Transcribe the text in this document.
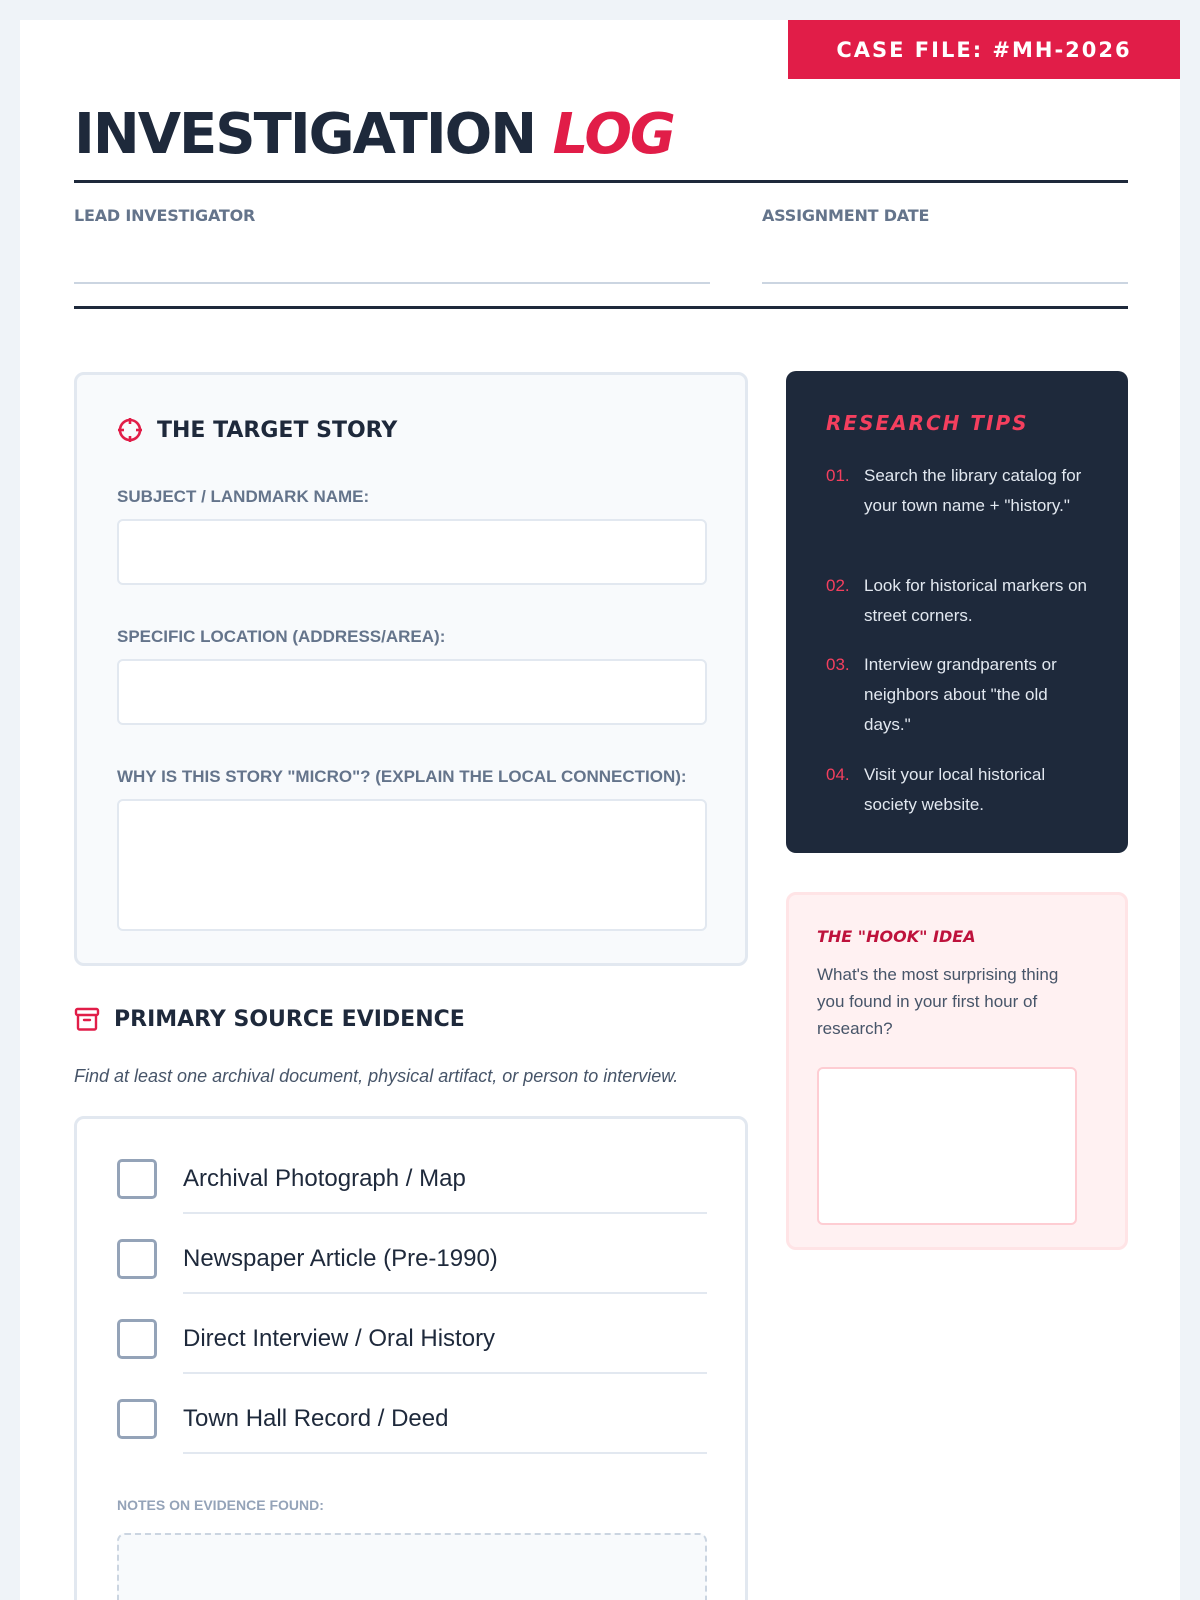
CASE FILE: #MH-2026
INVESTIGATION LOG
LEAD INVESTIGATOR	ASSIGNMENT DATE
THE TARGET STORY
SUBJECT / LANDMARK NAME:
SPECIFIC LOCATION (ADDRESS/AREA):
WHY IS THIS STORY "MICRO"? (EXPLAIN THE LOCAL CONNECTION):
RESEARCH TIPS
01. Search the library catalog for your town name + "history."
02. Look for historical markers on street corners.
03. Interview grandparents or neighbors about "the old days."
04. Visit your local historical society website.
THE "HOOK" IDEA
What's the most surprising thing you found in your first hour of research?
PRIMARY SOURCE EVIDENCE
Find at least one archival document, physical artifact, or person to interview.
Archival Photograph / Map
Newspaper Article (Pre-1990)
Direct Interview / Oral History
Town Hall Record / Deed
NOTES ON EVIDENCE FOUND:
